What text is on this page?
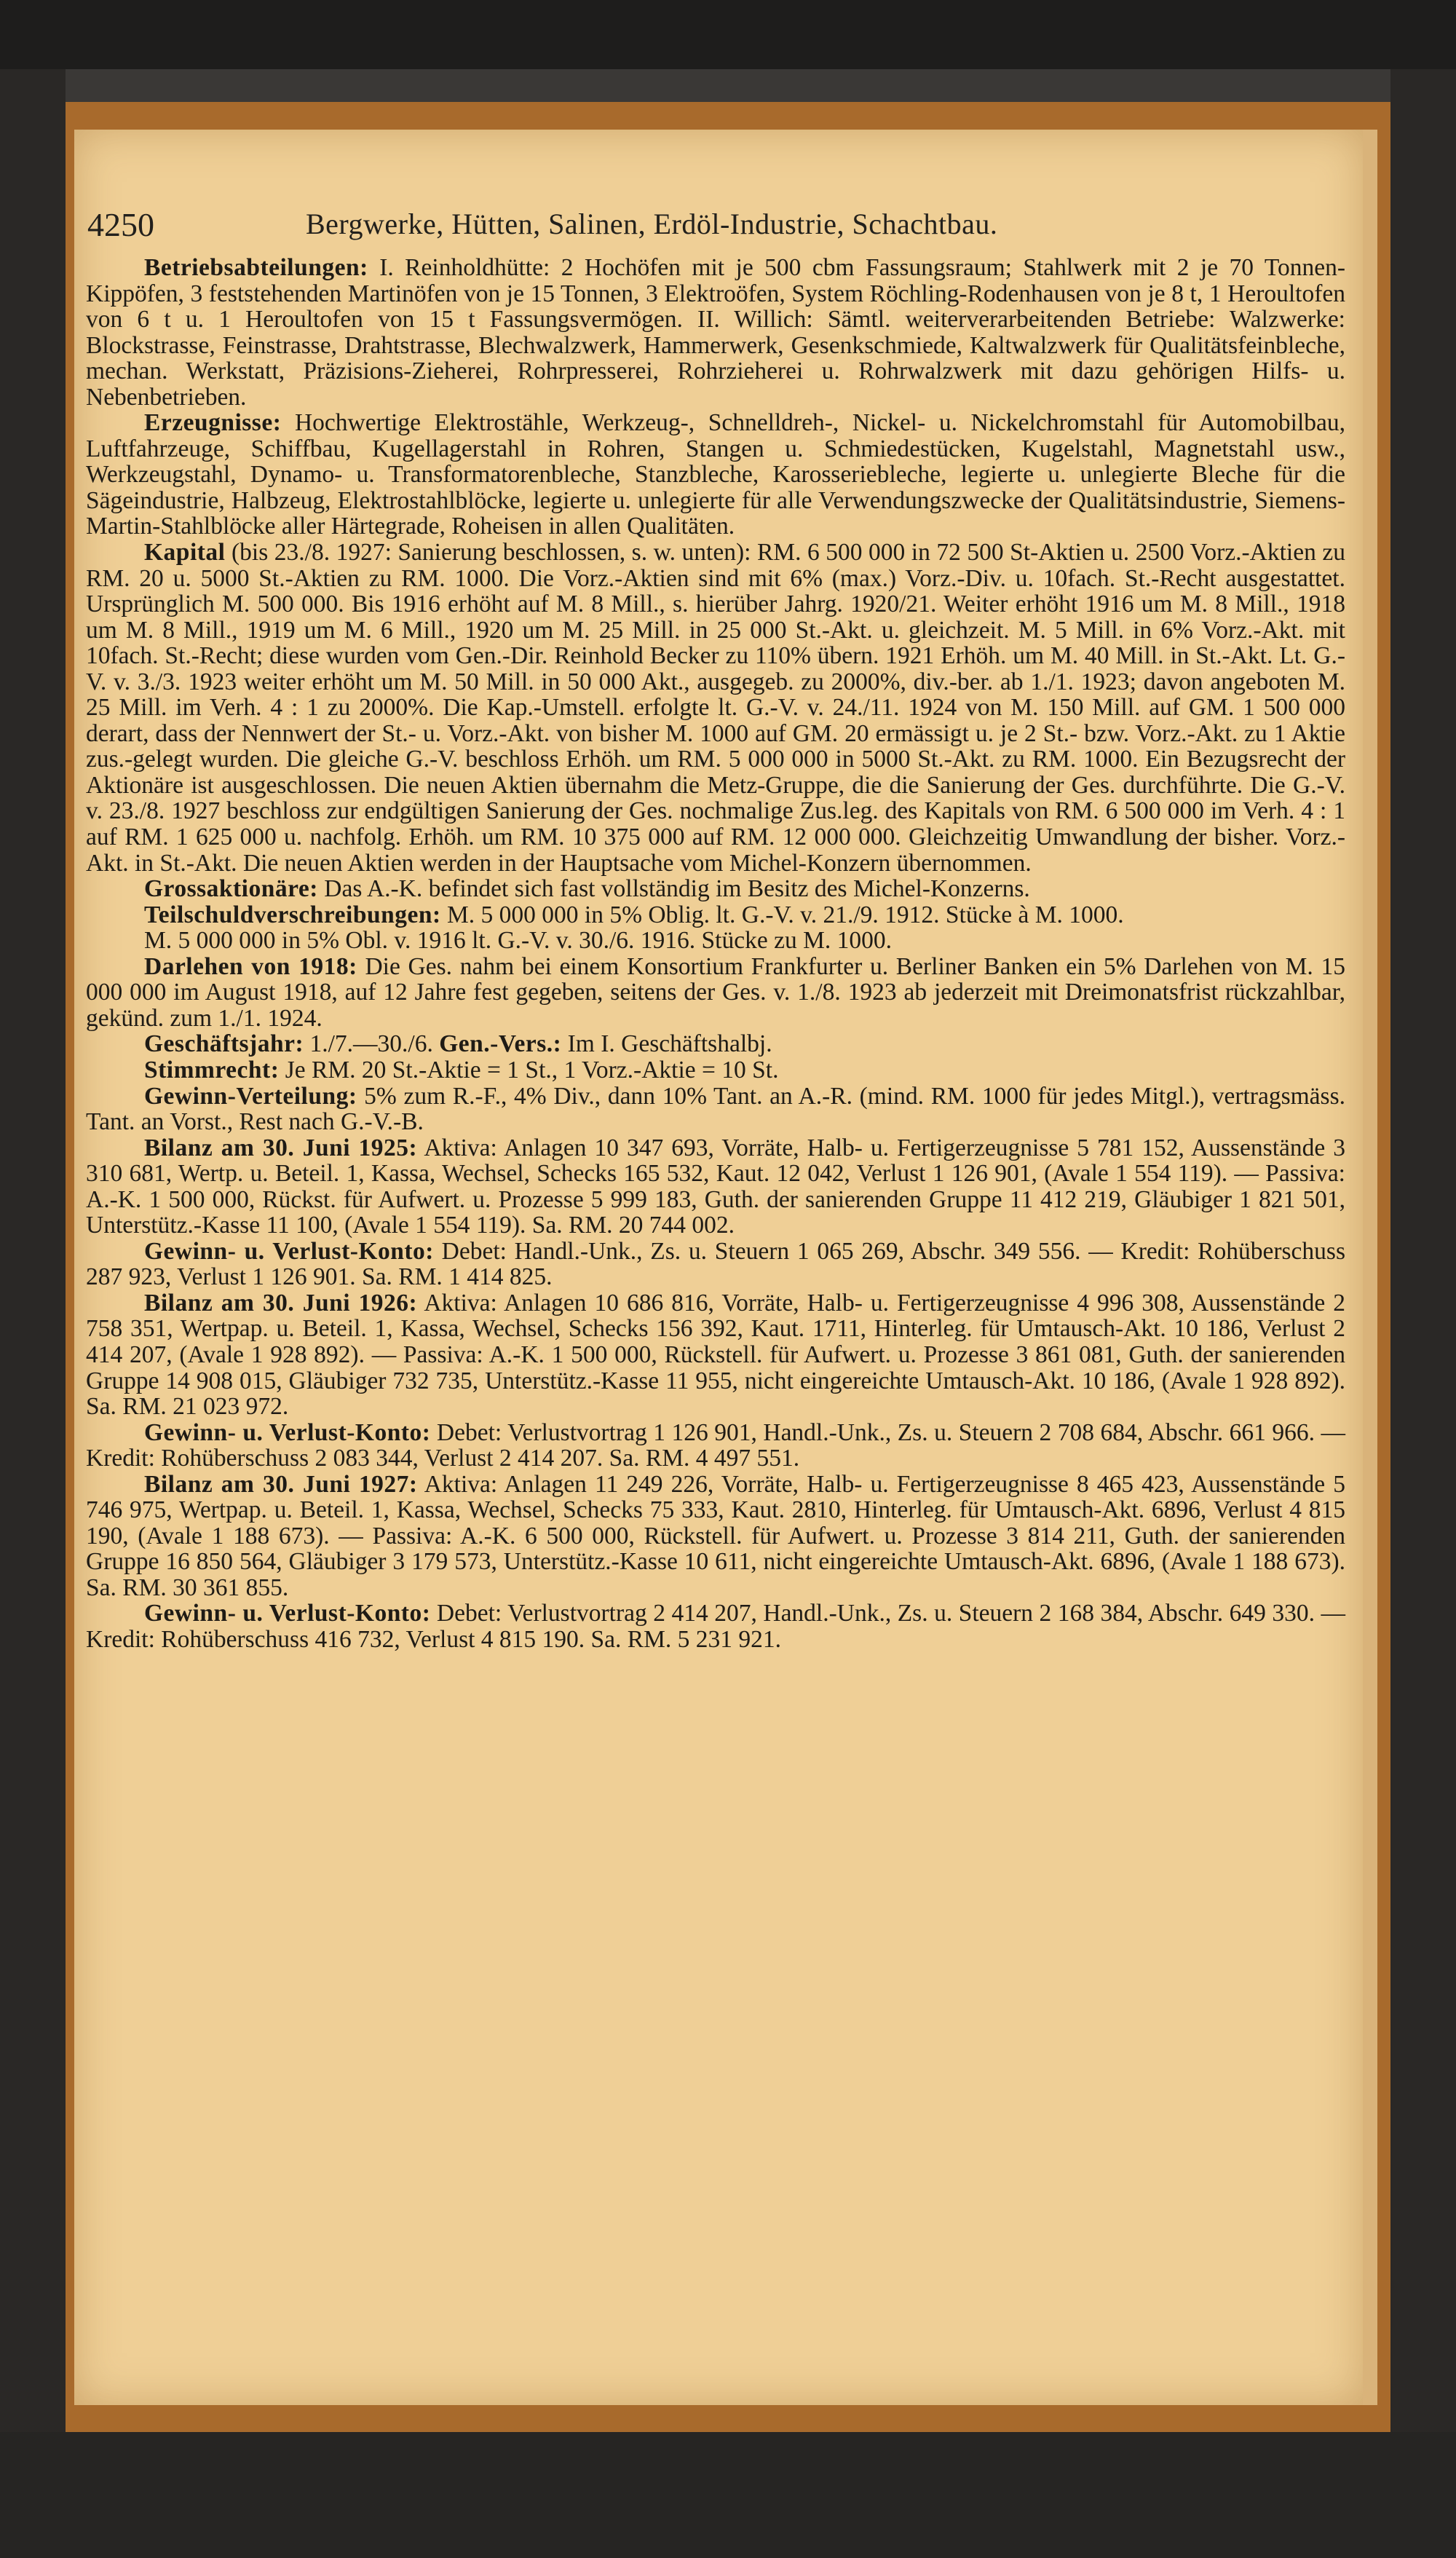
4250	Bergwerke, Hütten, Salinen, Erdöl-Industrie, Schachtbau.

Betriebsabteilungen: I. Reinholdhütte: 2 Hochöfen mit je 500 cbm Fassungsraum; Stahlwerk mit 2 je 70 Tonnen-Kippöfen, 3 feststehenden Martinöfen von je 15 Tonnen, 3 Elektroöfen, System Röchling-Rodenhausen von je 8 t, 1 Heroultofen von 6 t u. 1 Heroultofen von 15 t Fassungsvermögen. II. Willich: Sämtl. weiterverarbeitenden Betriebe: Walzwerke: Blockstrasse, Feinstrasse, Drahtstrasse, Blechwalzwerk, Hammerwerk, Gesenkschmiede, Kaltwalzwerk für Qualitätsfeinbleche, mechan. Werkstatt, Präzisions-Zieherei, Rohrpresserei, Rohrzieherei u. Rohrwalzwerk mit dazu gehörigen Hilfs- u. Nebenbetrieben.

Erzeugnisse: Hochwertige Elektrostähle, Werkzeug-, Schnelldreh-, Nickel- u. Nickelchromstahl für Automobilbau, Luftfahrzeuge, Schiffbau, Kugellagerstahl in Rohren, Stangen u. Schmiedestücken, Kugelstahl, Magnetstahl usw., Werkzeugstahl, Dynamo- u. Transformatorenbleche, Stanzbleche, Karosseriebleche, legierte u. unlegierte Bleche für die Sägeindustrie, Halbzeug, Elektrostahlblöcke, legierte u. unlegierte für alle Verwendungszwecke der Qualitätsindustrie, Siemens-Martin-Stahlblöcke aller Härtegrade, Roheisen in allen Qualitäten.

Kapital (bis 23./8. 1927: Sanierung beschlossen, s. w. unten): RM. 6 500 000 in 72 500 St-Aktien u. 2500 Vorz.-Aktien zu RM. 20 u. 5000 St.-Aktien zu RM. 1000. Die Vorz.-Aktien sind mit 6% (max.) Vorz.-Div. u. 10fach. St.-Recht ausgestattet. Ursprünglich M. 500 000. Bis 1916 erhöht auf M. 8 Mill., s. hierüber Jahrg. 1920/21. Weiter erhöht 1916 um M. 8 Mill., 1918 um M. 8 Mill., 1919 um M. 6 Mill., 1920 um M. 25 Mill. in 25 000 St.-Akt. u. gleichzeit. M. 5 Mill. in 6% Vorz.-Akt. mit 10fach. St.-Recht; diese wurden vom Gen.-Dir. Reinhold Becker zu 110% übern. 1921 Erhöh. um M. 40 Mill. in St.-Akt. Lt. G.-V. v. 3./3. 1923 weiter erhöht um M. 50 Mill. in 50 000 Akt., ausgegeb. zu 2000%, div.-ber. ab 1./1. 1923; davon angeboten M. 25 Mill. im Verh. 4 : 1 zu 2000%. Die Kap.-Umstell. erfolgte lt. G.-V. v. 24./11. 1924 von M. 150 Mill. auf GM. 1 500 000 derart, dass der Nennwert der St.- u. Vorz.-Akt. von bisher M. 1000 auf GM. 20 ermässigt u. je 2 St.- bzw. Vorz.-Akt. zu 1 Aktie zus.-gelegt wurden. Die gleiche G.-V. beschloss Erhöh. um RM. 5 000 000 in 5000 St.-Akt. zu RM. 1000. Ein Bezugsrecht der Aktionäre ist ausgeschlossen. Die neuen Aktien übernahm die Metz-Gruppe, die die Sanierung der Ges. durchführte. Die G.-V. v. 23./8. 1927 beschloss zur endgültigen Sanierung der Ges. nochmalige Zus.leg. des Kapitals von RM. 6 500 000 im Verh. 4 : 1 auf RM. 1 625 000 u. nachfolg. Erhöh. um RM. 10 375 000 auf RM. 12 000 000. Gleichzeitig Umwandlung der bisher. Vorz.-Akt. in St.-Akt. Die neuen Aktien werden in der Hauptsache vom Michel-Konzern übernommen.

Grossaktionäre: Das A.-K. befindet sich fast vollständig im Besitz des Michel-Konzerns.

Teilschuldverschreibungen: M. 5 000 000 in 5% Oblig. lt. G.-V. v. 21./9. 1912. Stücke à M. 1000.

M. 5 000 000 in 5% Obl. v. 1916 lt. G.-V. v. 30./6. 1916. Stücke zu M. 1000.

Darlehen von 1918: Die Ges. nahm bei einem Konsortium Frankfurter u. Berliner Banken ein 5% Darlehen von M. 15 000 000 im August 1918, auf 12 Jahre fest gegeben, seitens der Ges. v. 1./8. 1923 ab jederzeit mit Dreimonatsfrist rückzahlbar, gekünd. zum 1./1. 1924.

Geschäftsjahr: 1./7.—30./6. Gen.-Vers.: Im I. Geschäftshalbj.

Stimmrecht: Je RM. 20 St.-Aktie = 1 St., 1 Vorz.-Aktie = 10 St.

Gewinn-Verteilung: 5% zum R.-F., 4% Div., dann 10% Tant. an A.-R. (mind. RM. 1000 für jedes Mitgl.), vertragsmäss. Tant. an Vorst., Rest nach G.-V.-B.

Bilanz am 30. Juni 1925: Aktiva: Anlagen 10 347 693, Vorräte, Halb- u. Fertigerzeugnisse 5 781 152, Aussenstände 3 310 681, Wertp. u. Beteil. 1, Kassa, Wechsel, Schecks 165 532, Kaut. 12 042, Verlust 1 126 901, (Avale 1 554 119). — Passiva: A.-K. 1 500 000, Rückst. für Aufwert. u. Prozesse 5 999 183, Guth. der sanierenden Gruppe 11 412 219, Gläubiger 1 821 501, Unterstütz.-Kasse 11 100, (Avale 1 554 119). Sa. RM. 20 744 002.

Gewinn- u. Verlust-Konto: Debet: Handl.-Unk., Zs. u. Steuern 1 065 269, Abschr. 349 556. — Kredit: Rohüberschuss 287 923, Verlust 1 126 901. Sa. RM. 1 414 825.

Bilanz am 30. Juni 1926: Aktiva: Anlagen 10 686 816, Vorräte, Halb- u. Fertigerzeugnisse 4 996 308, Aussenstände 2 758 351, Wertpap. u. Beteil. 1, Kassa, Wechsel, Schecks 156 392, Kaut. 1711, Hinterleg. für Umtausch-Akt. 10 186, Verlust 2 414 207, (Avale 1 928 892). — Passiva: A.-K. 1 500 000, Rückstell. für Aufwert. u. Prozesse 3 861 081, Guth. der sanierenden Gruppe 14 908 015, Gläubiger 732 735, Unterstütz.-Kasse 11 955, nicht eingereichte Umtausch-Akt. 10 186, (Avale 1 928 892). Sa. RM. 21 023 972.

Gewinn- u. Verlust-Konto: Debet: Verlustvortrag 1 126 901, Handl.-Unk., Zs. u. Steuern 2 708 684, Abschr. 661 966. — Kredit: Rohüberschuss 2 083 344, Verlust 2 414 207. Sa. RM. 4 497 551.

Bilanz am 30. Juni 1927: Aktiva: Anlagen 11 249 226, Vorräte, Halb- u. Fertigerzeugnisse 8 465 423, Aussenstände 5 746 975, Wertpap. u. Beteil. 1, Kassa, Wechsel, Schecks 75 333, Kaut. 2810, Hinterleg. für Umtausch-Akt. 6896, Verlust 4 815 190, (Avale 1 188 673). — Passiva: A.-K. 6 500 000, Rückstell. für Aufwert. u. Prozesse 3 814 211, Guth. der sanierenden Gruppe 16 850 564, Gläubiger 3 179 573, Unterstütz.-Kasse 10 611, nicht eingereichte Umtausch-Akt. 6896, (Avale 1 188 673). Sa. RM. 30 361 855.

Gewinn- u. Verlust-Konto: Debet: Verlustvortrag 2 414 207, Handl.-Unk., Zs. u. Steuern 2 168 384, Abschr. 649 330. — Kredit: Rohüberschuss 416 732, Verlust 4 815 190. Sa. RM. 5 231 921.
